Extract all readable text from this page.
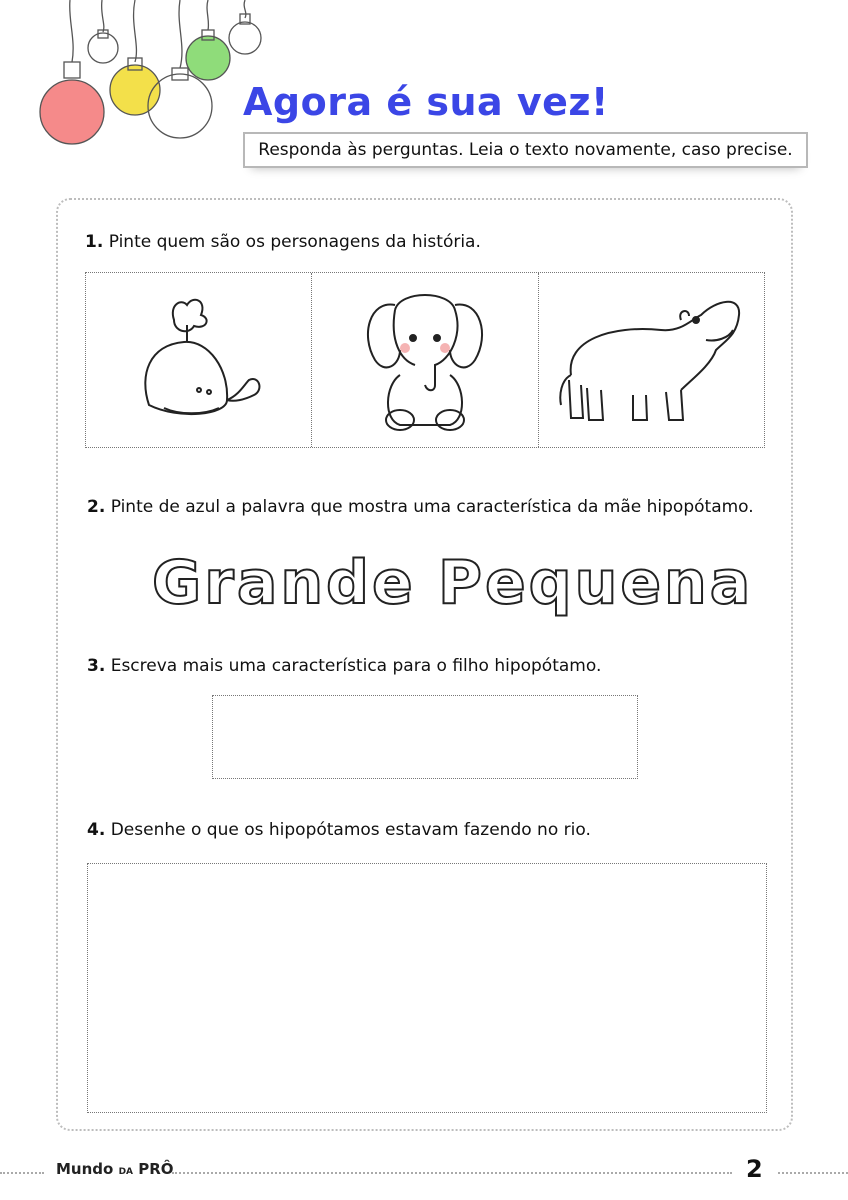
Agora é sua vez!
Responda às perguntas. Leia o texto novamente, caso precise.
1. Pinte quem são os personagens da história.
2. Pinte de azul a palavra que mostra uma característica da mãe hipopótamo.
Grande Pequena
3. Escreva mais uma característica para o filho hipopótamo.
4. Desenhe o que os hipopótamos estavam fazendo no rio.
Mundo DA PRÔ	2
